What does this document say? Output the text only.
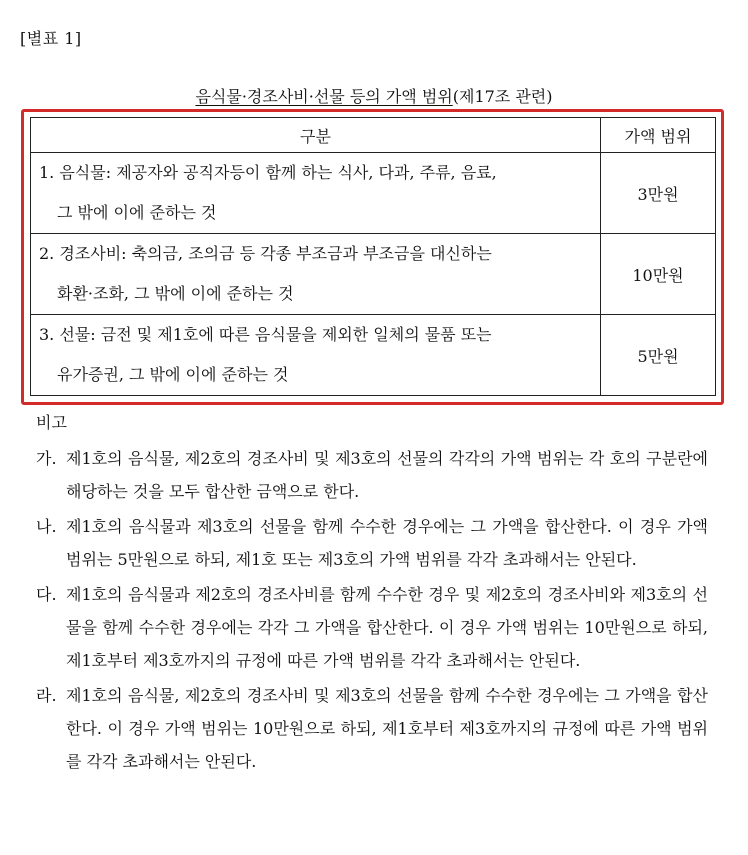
[별표 1]
음식물·경조사비·선물 등의 가액 범위(제17조 관련)
구분	가액 범위
1. 음식물: 제공자와 공직자등이 함께 하는 식사, 다과, 주류, 음료,
그 밖에 이에 준하는 것	3만원
2. 경조사비: 축의금, 조의금 등 각종 부조금과 부조금을 대신하는
화환·조화, 그 밖에 이에 준하는 것	10만원
3. 선물: 금전 및 제1호에 따른 음식물을 제외한 일체의 물품 또는
유가증권, 그 밖에 이에 준하는 것	5만원
비고
가. 제1호의 음식물, 제2호의 경조사비 및 제3호의 선물의 각각의 가액 범위는 각 호의 구분란에 해당하는 것을 모두 합산한 금액으로 한다.
나. 제1호의 음식물과 제3호의 선물을 함께 수수한 경우에는 그 가액을 합산한다. 이 경우 가액 범위는 5만원으로 하되, 제1호 또는 제3호의 가액 범위를 각각 초과해서는 안된다.
다. 제1호의 음식물과 제2호의 경조사비를 함께 수수한 경우 및 제2호의 경조사비와 제3호의 선물을 함께 수수한 경우에는 각각 그 가액을 합산한다. 이 경우 가액 범위는 10만원으로 하되, 제1호부터 제3호까지의 규정에 따른 가액 범위를 각각 초과해서는 안된다.
라. 제1호의 음식물, 제2호의 경조사비 및 제3호의 선물을 함께 수수한 경우에는 그 가액을 합산한다. 이 경우 가액 범위는 10만원으로 하되, 제1호부터 제3호까지의 규정에 따른 가액 범위를 각각 초과해서는 안된다.
